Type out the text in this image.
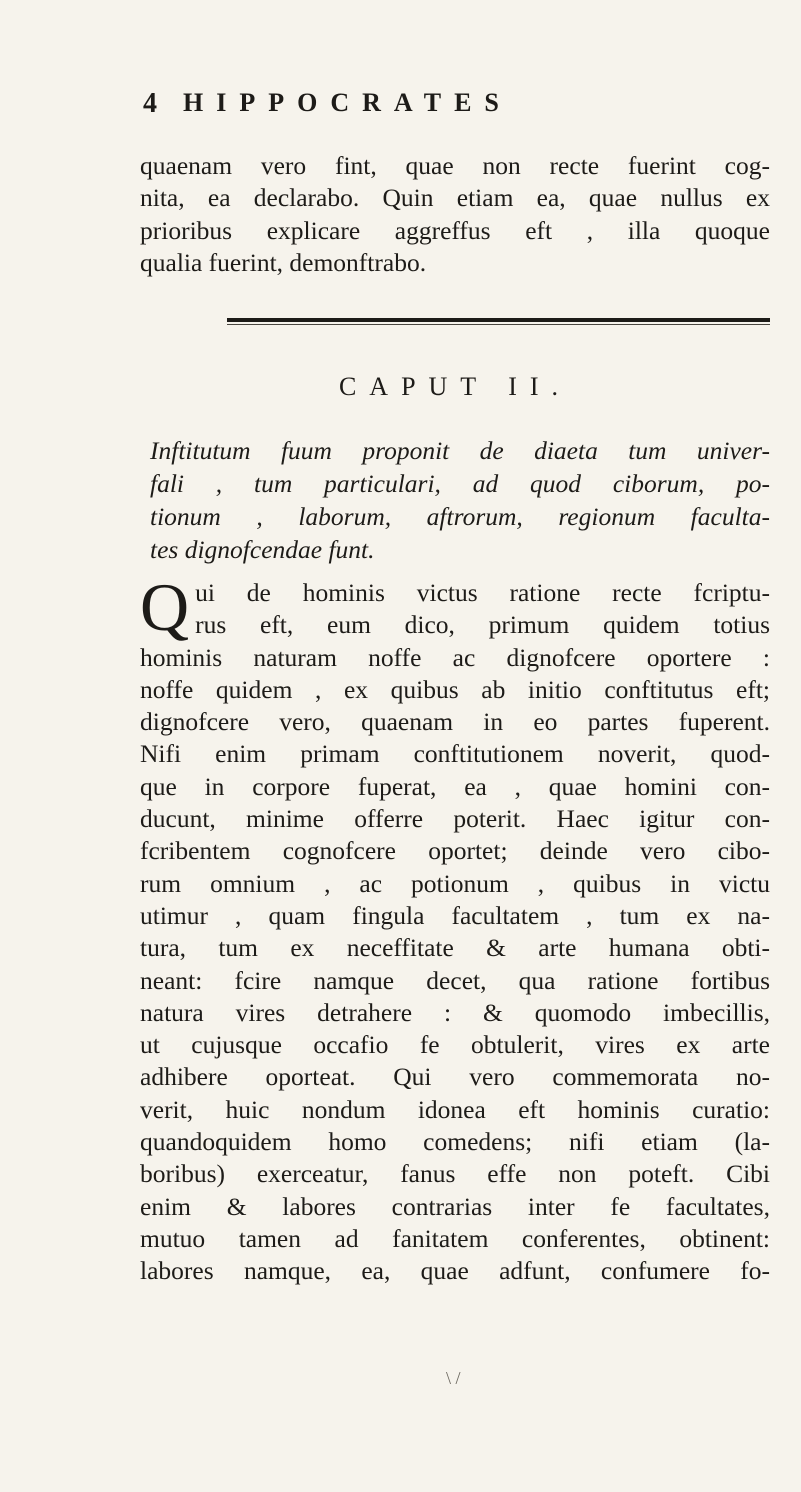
4 HIPPOCRATES
quaenam vero fint, quae non recte fuerint cog-
nita, ea declarabo. Quin etiam ea, quae nullus ex
prioribus explicare aggreffus eft , illa quoque
qualia fuerint, demonftrabo.
CAPUT II.
Inftitutum fuum proponit de diaeta tum univer-
fali , tum particulari, ad quod ciborum, po-
tionum , laborum, aftrorum, regionum faculta-
tes dignofcendae funt.
Q ui de hominis victus ratione recte fcriptu-
rus eft, eum dico, primum quidem totius
hominis naturam noffe ac dignofcere oportere :
noffe quidem , ex quibus ab initio conftitutus eft;
dignofcere vero, quaenam in eo partes fuperent.
Nifi enim primam conftitutionem noverit, quod-
que in corpore fuperat, ea , quae homini con-
ducunt, minime offerre poterit. Haec igitur con-
fcribentem cognofcere oportet; deinde vero cibo-
rum omnium , ac potionum , quibus in victu
utimur , quam fingula facultatem , tum ex na-
tura, tum ex neceffitate & arte humana obti-
neant: fcire namque decet, qua ratione fortibus
natura vires detrahere : & quomodo imbecillis,
ut cujusque occafio fe obtulerit, vires ex arte
adhibere oporteat. Qui vero commemorata no-
verit, huic nondum idonea eft hominis curatio:
quandoquidem homo comedens; nifi etiam (la-
boribus) exerceatur, fanus effe non poteft. Cibi
enim & labores contrarias inter fe facultates,
mutuo tamen ad fanitatem conferentes, obtinent:
labores namque, ea, quae adfunt, confumere fo-
\ /
